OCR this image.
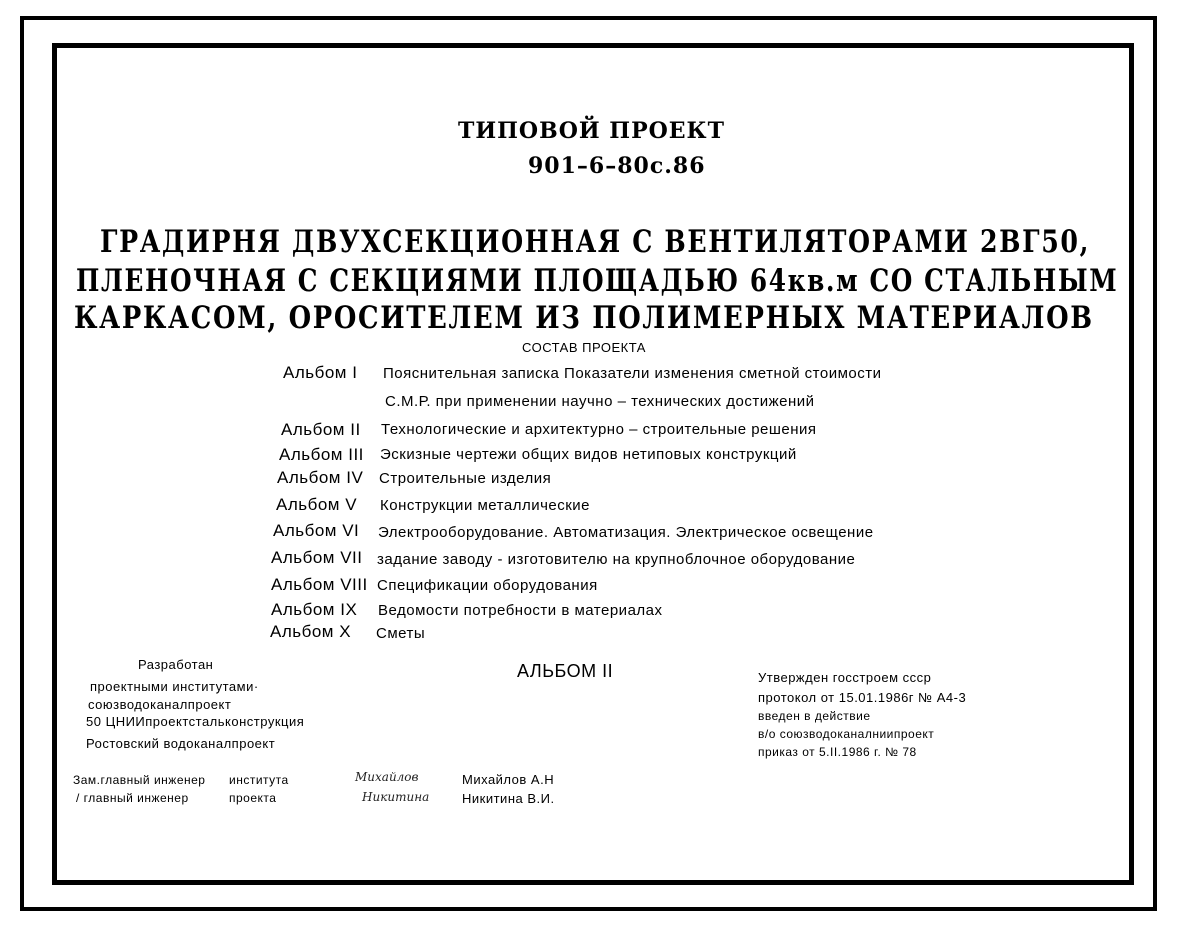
ТИПОВОЙ ПРОЕКТ
901–6–80с.86
ГРАДИРНЯ ДВУХСЕКЦИОННАЯ С ВЕНТИЛЯТОРАМИ 2ВГ50,
ПЛЕНОЧНАЯ С СЕКЦИЯМИ ПЛОЩАДЬЮ 64кв.м СО СТАЛЬНЫМ
КАРКАСОМ, ОРОСИТЕЛЕМ ИЗ ПОЛИМЕРНЫХ МАТЕРИАЛОВ
СОСТАВ ПРОЕКТА
Альбом I Пояснительная записка Показатели изменения сметной стоимости
С.М.Р. при применении научно – технических достижений
Альбом II Технологические и архитектурно – строительные решения
Альбом III Эскизные чертежи общих видов нетиповых конструкций
Альбом IV Строительные изделия
Альбом V Конструкции металлические
Альбом VI Электрооборудование. Автоматизация. Электрическое освещение
Альбом VII задание заводу - изготовителю на крупноблочное оборудование
Альбом VIII Спецификации оборудования
Альбом IX Ведомости потребности в материалах
Альбом X Сметы
Разработан
проектными институтами·
союзводоканалпроект
50 ЦНИИпроектстальконструкция
Ростовский водоканалпроект
АЛЬБОМ II	Утвержден госстроем ссср
протокол от 15.01.1986г № А4-3
введен в действие
в/о союзводоканалниипроект
приказ от 5.II.1986 г. № 78
Зам.главный инженер института	Михайлов	Михайлов А.Н
/ главный инженер	проекта	Никитина	Никитина В.И.
